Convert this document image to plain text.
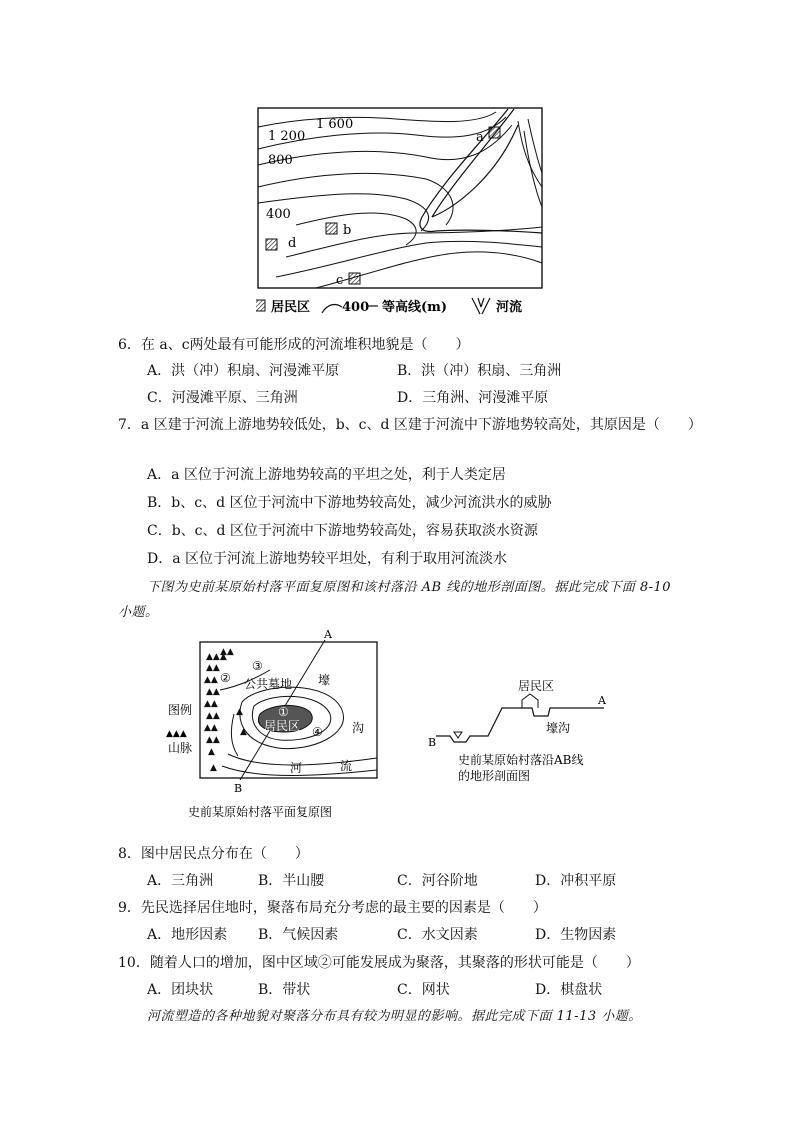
1 600
1 200
800
400
a
b
c
d
居民区 400 等高线(m)	河流
6．在 a、c两处最有可能形成的河流堆积地貌是（　　）
A．洪（冲）积扇、河漫滩平原	B．洪（冲）积扇、三角洲
C．河漫滩平原、三角洲	D．三角洲、河漫滩平原
7．a 区建于河流上游地势较低处，b、c、d 区建于河流中下游地势较高处，其原因是（　　）
A．a 区位于河流上游地势较高的平坦之处，利于人类定居
B．b、c、d 区位于河流中下游地势较高处，减少河流洪水的威胁
C．b、c、d 区位于河流中下游地势较高处，容易获取淡水资源
D．a 区位于河流上游地势较平坦处，有利于取用河流淡水
下图为史前某原始村落平面复原图和该村落沿 AB 线的地形剖面图。据此完成下面 8-10
小题。
▲▲▲
▲▲
▲▲
▲▲
▲▲
▲▲
▲▲
▲▲
▲
▲
▲▲
▲
▲
A
B
③
② 公共墓地 壕
沟
①
居民区 ④
河	流
图例
▲▲▲
山脉
史前某原始村落平面复原图
B
A
居民区
壕沟
史前某原始村落沿AB线
的地形剖面图
8．图中居民点分布在（　　）
A．三角洲	B．半山腰	C．河谷阶地	D．冲积平原
9．先民选择居住地时，聚落布局充分考虑的最主要的因素是（　　）
A．地形因素 B．气候因素	C．水文因素	D．生物因素
10．随着人口的增加，图中区域②可能发展成为聚落，其聚落的形状可能是（　　）
A．团块状	B．带状	C．网状	D．棋盘状
河流塑造的各种地貌对聚落分布具有较为明显的影响。据此完成下面 11-13 小题。
